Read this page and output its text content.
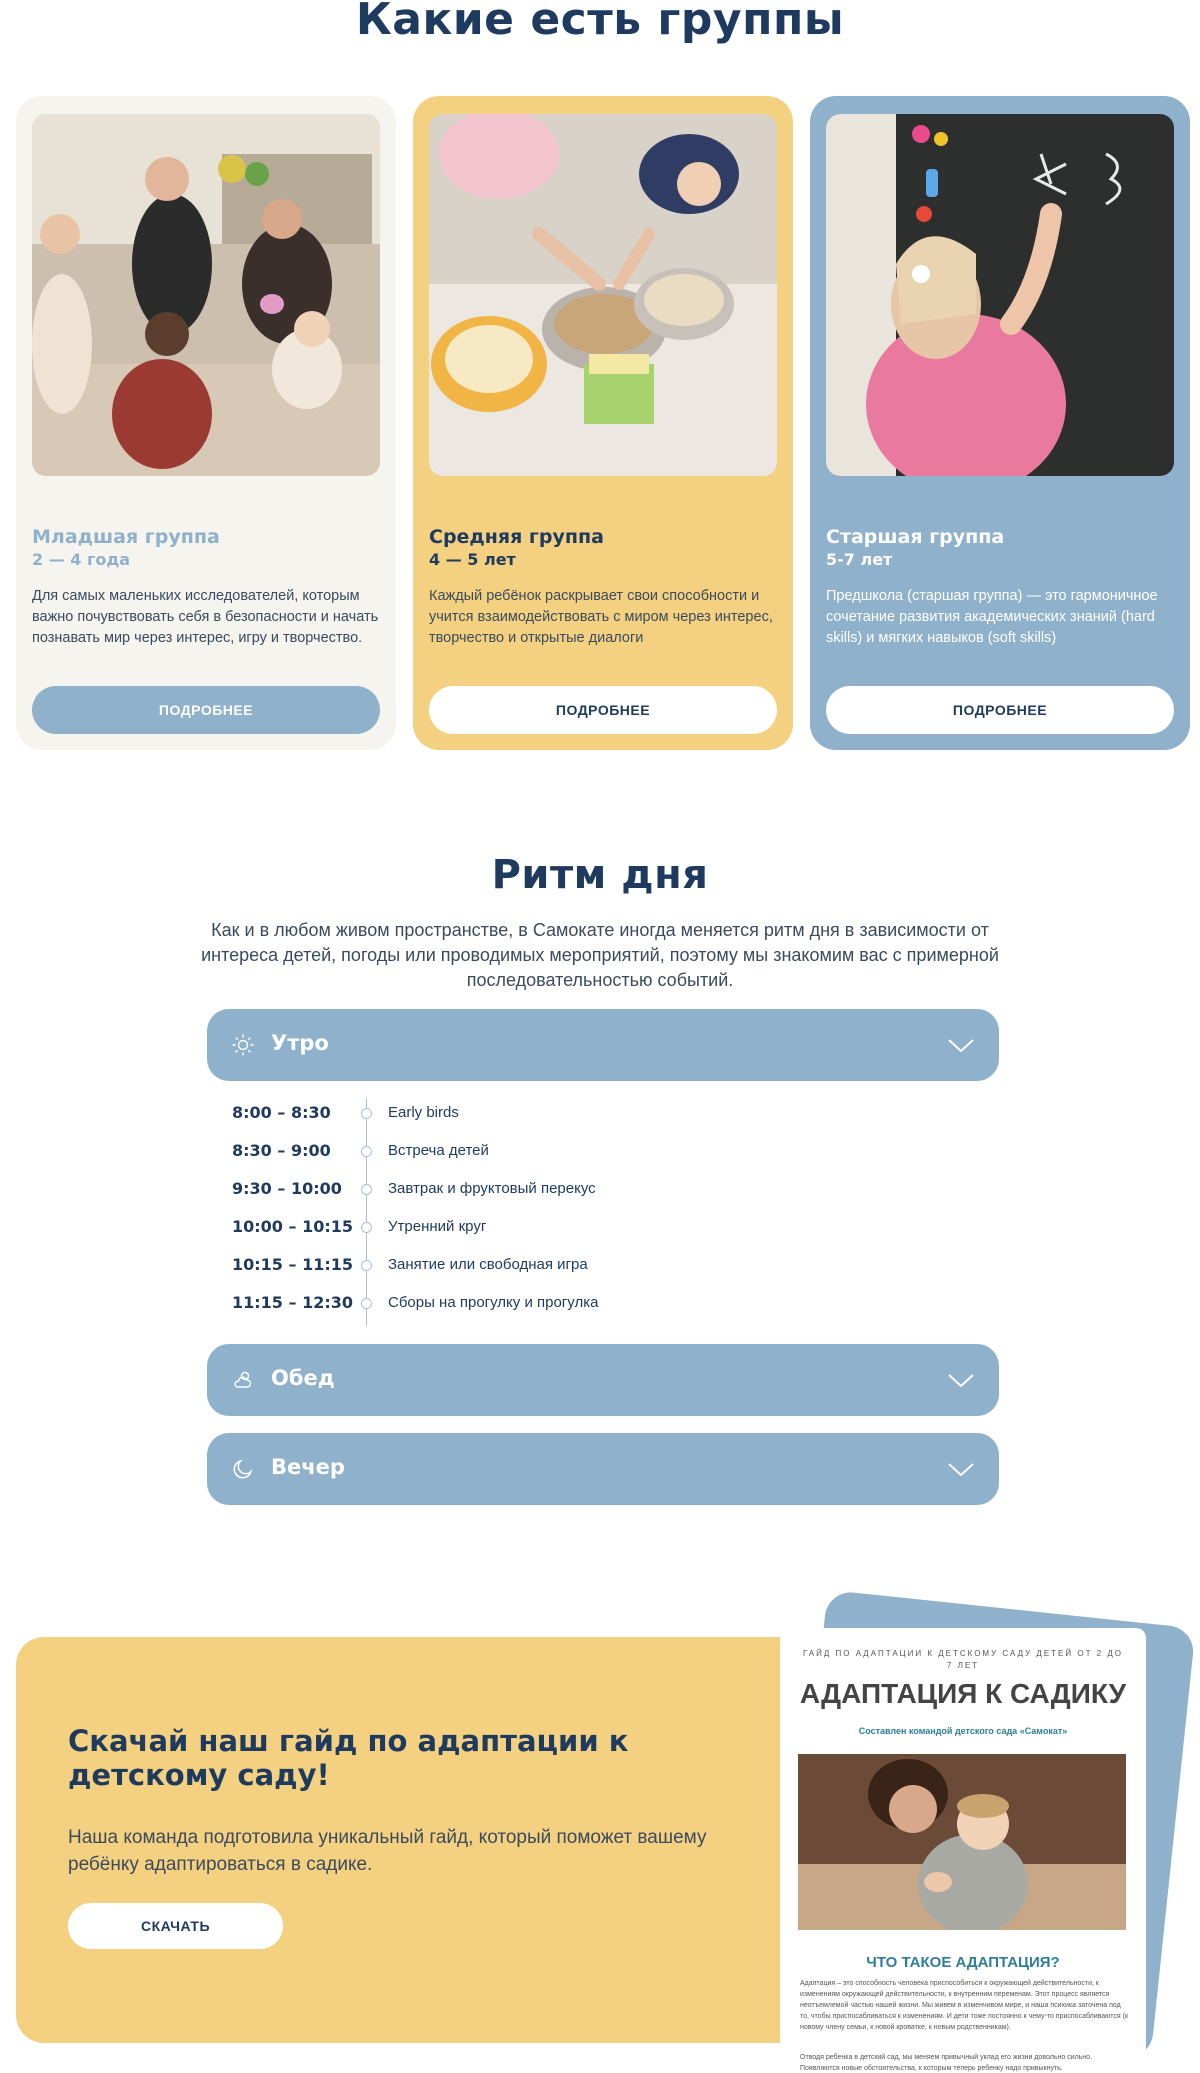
Какие есть группы
Младшая группа
2 — 4 года
Для самых маленьких исследователей, которым важно почувствовать себя в безопасности и начать познавать мир через интерес, игру и творчество.
ПОДРОБНЕЕ
Средняя группа
4 — 5 лет
Каждый ребёнок раскрывает свои способности и учится взаимодействовать с миром через интерес, творчество и открытые диалоги
ПОДРОБНЕЕ
Старшая группа
5-7 лет
Предшкола (старшая группа) — это гармоничное сочетание развития академических знаний (hard skills) и мягких навыков (soft skills)
ПОДРОБНЕЕ
Ритм дня

Как и в любом живом пространстве, в Самокате иногда меняется ритм дня в зависимости от интереса детей, погоды или проводимых мероприятий, поэтому мы знакомим вас с примерной последовательностью событий.

Утро
8:00 – 8:30	Early birds
8:30 – 9:00	Встреча детей
9:30 – 10:00	Завтрак и фруктовый перекус
10:00 – 10:15	Утренний круг
10:15 – 11:15	Занятие или свободная игра
11:15 – 12:30	Сборы на прогулку и прогулка
Обед
Вечер
Скачай наш гайд по адаптации к детскому саду!

Наша команда подготовила уникальный гайд, который поможет вашему ребёнку адаптироваться в садике.

СКАЧАТЬ
ГАЙД ПО АДАПТАЦИИ К ДЕТСКОМУ САДУ ДЕТЕЙ ОТ 2 ДО 7 ЛЕТ
АДАПТАЦИЯ К САДИКУ
Составлен командой детского сада «Самокат»
ЧТО ТАКОЕ АДАПТАЦИЯ?
Адаптация – это способность человека приспособиться к окружающей действительности, к изменениям окружающей действительности, к внутренним переменам. Этот процесс является неотъемлемой частью нашей жизни. Мы живем в изменчивом мире, и наша психика заточена под то, чтобы приспосабливаться к изменениям. И дети тоже постоянно к чему-то приспосабливаются (к новому члену семьи, к новой кроватке, к новым родственникам).
Отводя ребенка в детский сад, мы меняем привычный уклад его жизни довольно сильно. Появляются новые обстоятельства, к которым теперь ребенку надо привыкнуть.
